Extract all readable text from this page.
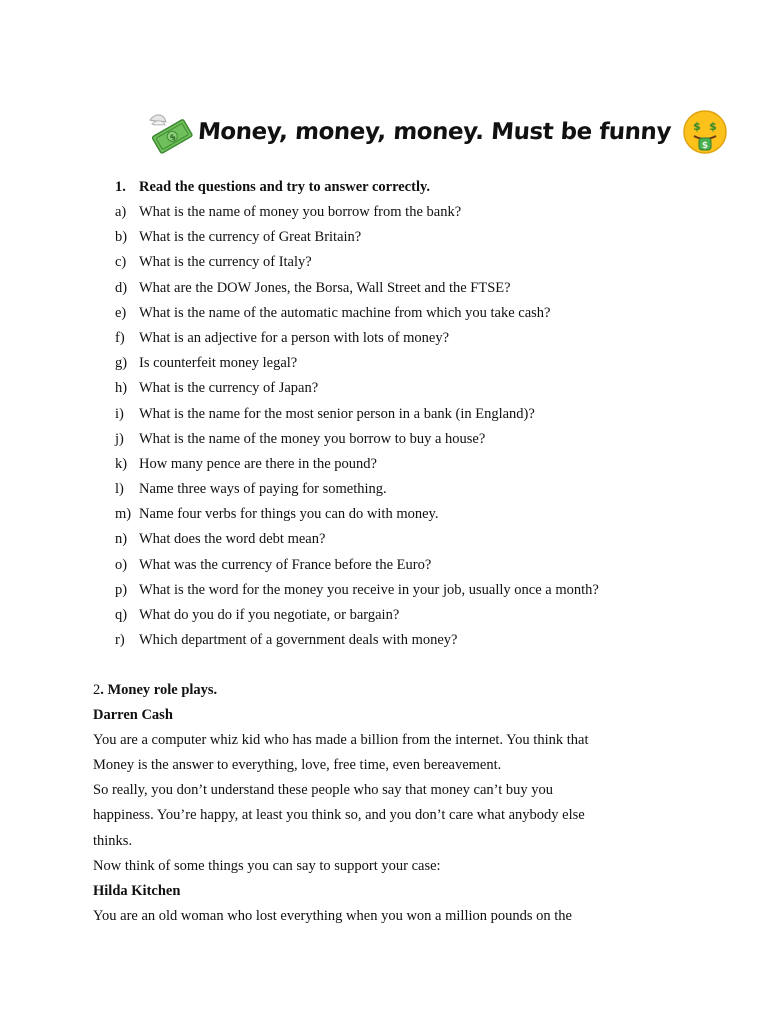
$ Money, money, money. Must be funny $ $
$
1. Read the questions and try to answer correctly.
a) What is the name of money you borrow from the bank?
b) What is the currency of Great Britain?
c) What is the currency of Italy?
d) What are the DOW Jones, the Borsa, Wall Street and the FTSE?
e) What is the name of the automatic machine from which you take cash?
f) What is an adjective for a person with lots of money?
g) Is counterfeit money legal?
h) What is the currency of Japan?
i)	What is the name for the most senior person in a bank (in England)?
j)	What is the name of the money you borrow to buy a house?
k) How many pence are there in the pound?
l)	Name three ways of paying for something.
m) Name four verbs for things you can do with money.
n) What does the word debt mean?
o) What was the currency of France before the Euro?
p) What is the word for the money you receive in your job, usually once a month?
q) What do you do if you negotiate, or bargain?
r) Which department of a government deals with money?
2. Money role plays.
Darren Cash
You are a computer whiz kid who has made a billion from the internet. You think that
Money is the answer to everything, love, free time, even bereavement.
So really, you don’t understand these people who say that money can’t buy you
happiness. You’re happy, at least you think so, and you don’t care what anybody else
thinks.
Now think of some things you can say to support your case:
Hilda Kitchen
You are an old woman who lost everything when you won a million pounds on the
